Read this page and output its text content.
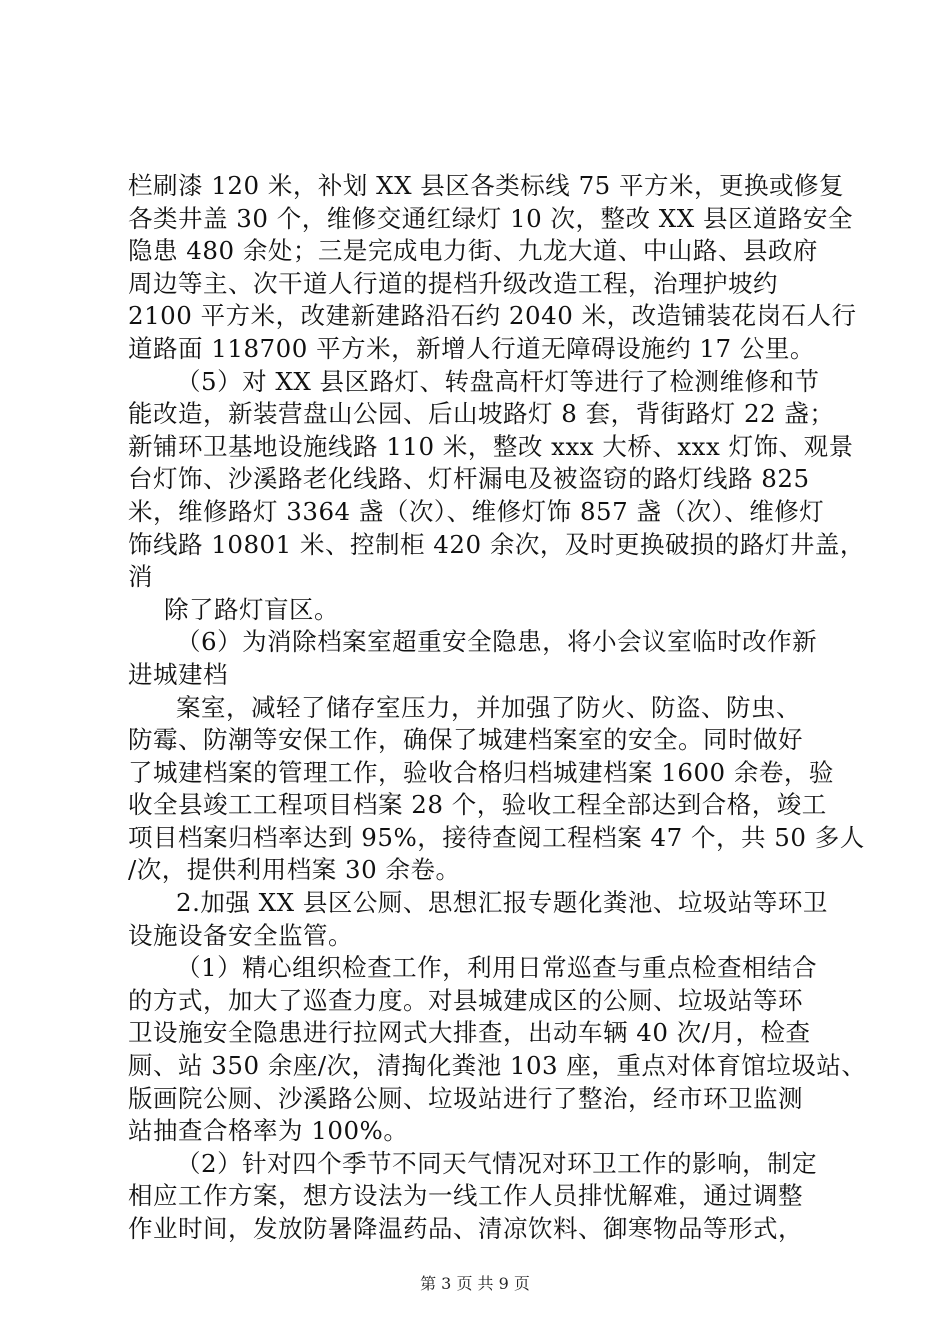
栏刷漆 120 米，补划 XX 县区各类标线 75 平方米，更换或修复
各类井盖 30 个，维修交通红绿灯 10 次，整改 XX 县区道路安全
隐患 480 余处；三是完成电力街、九龙大道、中山路、县政府
周边等主、次干道人行道的提档升级改造工程，治理护坡约
2100 平方米，改建新建路沿石约 2040 米，改造铺装花岗石人行
道路面 118700 平方米，新增人行道无障碍设施约 17 公里。
（5）对 XX 县区路灯、转盘高杆灯等进行了检测维修和节
能改造，新装营盘山公园、后山坡路灯 8 套，背街路灯 22 盏；
新铺环卫基地设施线路 110 米，整改 xxx 大桥、xxx 灯饰、观景
台灯饰、沙溪路老化线路、灯杆漏电及被盗窃的路灯线路 825
米，维修路灯 3364 盏（次）、维修灯饰 857 盏（次）、维修灯
饰线路 10801 米、控制柜 420 余次，及时更换破损的路灯井盖，
消
除了路灯盲区。
（6）为消除档案室超重安全隐患，将小会议室临时改作新
进城建档
案室，减轻了储存室压力，并加强了防火、防盗、防虫、
防霉、防潮等安保工作，确保了城建档案室的安全。同时做好
了城建档案的管理工作，验收合格归档城建档案 1600 余卷，验
收全县竣工工程项目档案 28 个，验收工程全部达到合格，竣工
项目档案归档率达到 95%，接待查阅工程档案 47 个，共 50 多人
/次，提供利用档案 30 余卷。
2.加强 XX 县区公厕、思想汇报专题化粪池、垃圾站等环卫
设施设备安全监管。
（1）精心组织检查工作，利用日常巡查与重点检查相结合
的方式，加大了巡查力度。对县城建成区的公厕、垃圾站等环
卫设施安全隐患进行拉网式大排查，出动车辆 40 次/月，检查
厕、站 350 余座/次，清掏化粪池 103 座，重点对体育馆垃圾站、
版画院公厕、沙溪路公厕、垃圾站进行了整治，经市环卫监测
站抽查合格率为 100%。
（2）针对四个季节不同天气情况对环卫工作的影响，制定
相应工作方案，想方设法为一线工作人员排忧解难，通过调整
作业时间，发放防暑降温药品、清凉饮料、御寒物品等形式，
第 3 页 共 9 页
